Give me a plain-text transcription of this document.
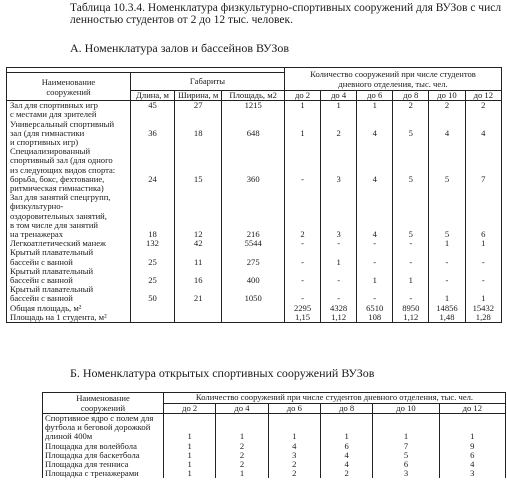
Таблица 10.3.4. Номенклатура физкультурно-спортивных сооружений для ВУЗов с числ
ленностью студентов от 2 до 12 тыс. человек.
А. Номенклатура залов и бассейнов ВУЗов
				Количество сооружений при числе студентов
дневного отделения, тыс. чел.					
Наименование
сооружений	Габариты								
	Длина, м	Ширина, м	Площадь, м2	до 2	до 4	до 6	до 8	до 10	до 12

Зал для спортивных игр
с местами для зрителей	45	27	1215	1	1	1	2	2	2

Универсальный спортивный
зал (для гимнастики
и спортивных игр)	36	18	648	1	2	4	5	4	4

Специализированный
спортивный зал (для одного
из следующих видов спорта:
борьба, бокс, фехтование,
ритмическая гимнастика)	24	15	360	-	3	4	5	5	7

Зал для занятий спецгрупп,
физкультурно-
оздоровительных занятий,
в том числе для занятий
на тренажерах	18	12	216	2	3	4	5	5	6

Легкоатлетический манеж	132	42	5544	-	-	-	-	1	1

Крытый плавательный
бассейн с ванной	25	11	275	-	1	-	-	-	-

Крытый плавательный
бассейн с ванной	25	16	400	-	-	1	1	-	-

Крытый плавательный
бассейн с ванной	50	21	1050	-	-	-	-	1	1

Общая площадь, м²				2295	4328	6510	8950	14856	15432

Площадь на 1 студента, м²				1,15	1,12	108	1,12	1,48	1,28
Б. Номенклатура открытых спортивных сооружений ВУЗов
Наименование
сооружений	Количество сооружений при числе студентов дневного отделения, тыс. чел.					
	до 2	до 4	до 6	до 8	до 10	до 12

Спортивное ядро с полем для
футбола и беговой дорожкой
длиной 400м	1	1	1	1	1	1

Площадка для волейбола	1	2	4	6	7	9

Площадка для баскетбола	1	2	3	4	5	6

Площадка для тенниса	1	2	2	4	6	4

Площадка с тренажерами	1	1	2	2	3	3
